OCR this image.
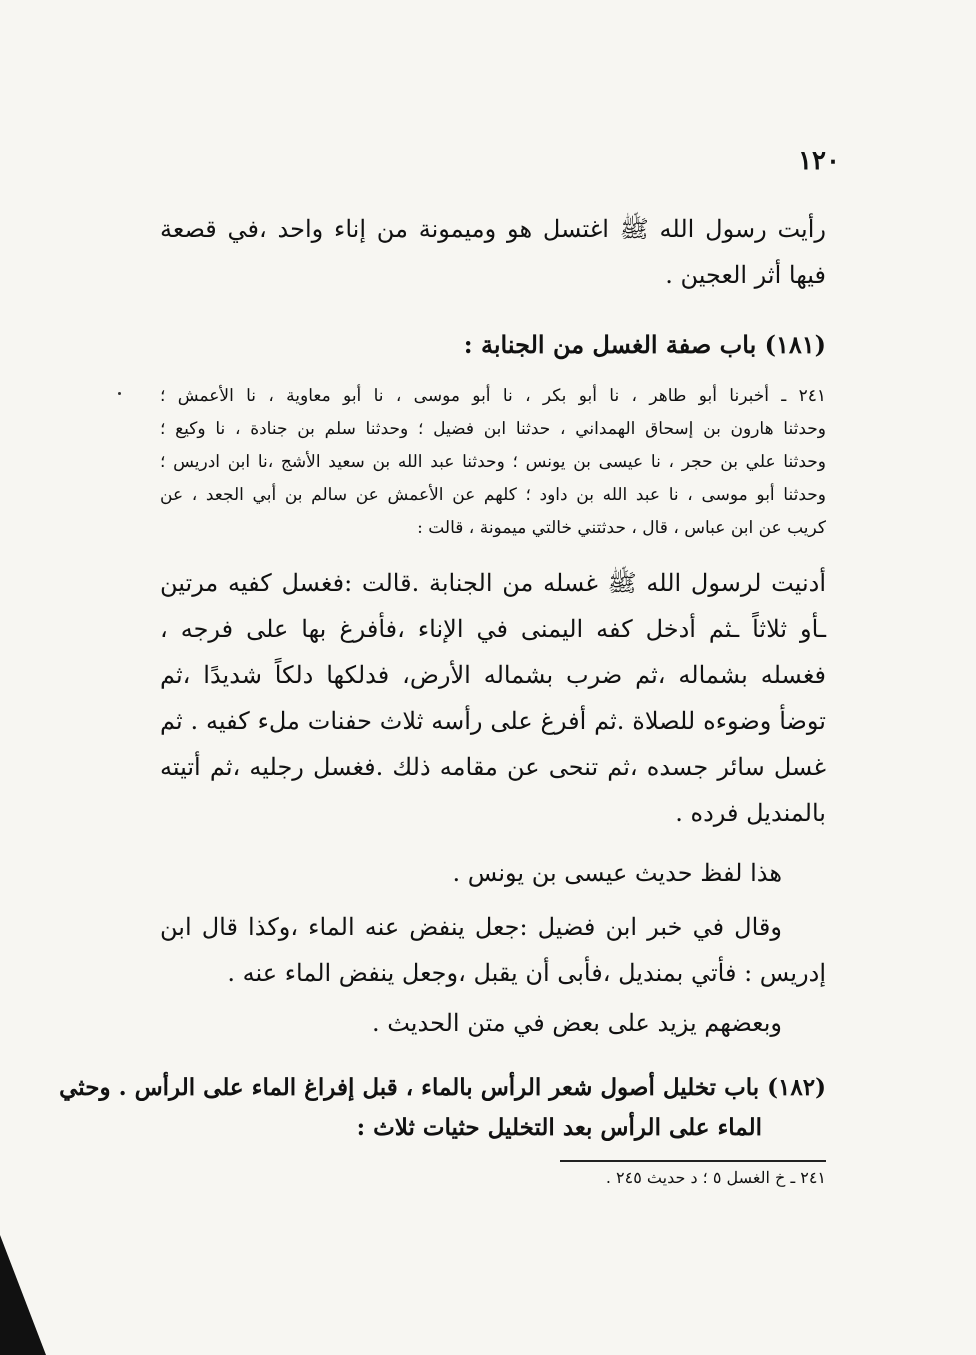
١٢٠
رأيت رسول الله ﷺ اغتسل هو وميمونة من إناء واحد ،في قصعة
فيها أثر العجين .
(١٨١) باب صفة الغسل من الجنابة :
٢٤١ ـ أخبرنا أبو طاهر ، نا أبو بكر ، نا أبو موسى ، نا أبو معاوية ، نا الأعمش ؛
وحدثنا هارون بن إسحاق الهمداني ، حدثنا ابن فضيل ؛ وحدثنا سلم بن جنادة ، نا وكيع ؛
وحدثنا علي بن حجر ، نا عيسى بن يونس ؛ وحدثنا عبد الله بن سعيد الأشج ،نا ابن ادريس ؛
وحدثنا أبو موسى ، نا عبد الله بن داود ؛ كلهم عن الأعمش عن سالم بن أبي الجعد ، عن
كريب عن ابن عباس ، قال ، حدثتني خالتي ميمونة ، قالت :
أدنيت لرسول الله ﷺ غسله من الجنابة .قالت :فغسل كفيه مرتين
ـأو ثلاثاً ـثم أدخل كفه اليمنى في الإناء ،فأفرغ بها على فرجه ،
فغسله بشماله ،ثم ضرب بشماله الأرض، فدلكها دلكاً شديدًا ،ثم
توضأ وضوءه للصلاة .ثم أفرغ على رأسه ثلاث حفنات ملء كفيه . ثم
غسل سائر جسده ،ثم تنحى عن مقامه ذلك .فغسل رجليه ،ثم أتيته
بالمنديل فرده .
هذا لفظ حديث عيسى بن يونس .
وقال في خبر ابن فضيل :جعل ينفض عنه الماء ،وكذا قال ابن
إدريس : فأتي بمنديل ،فأبى أن يقبل ،وجعل ينفض الماء عنه .
وبعضهم يزيد على بعض في متن الحديث .
(١٨٢) باب تخليل أصول شعر الرأس بالماء ، قبل إفراغ الماء على الرأس . وحثي
الماء على الرأس بعد التخليل حثيات ثلاث :
٢٤١ ـ خ الغسل ٥ ؛ د حديث ٢٤٥ .
